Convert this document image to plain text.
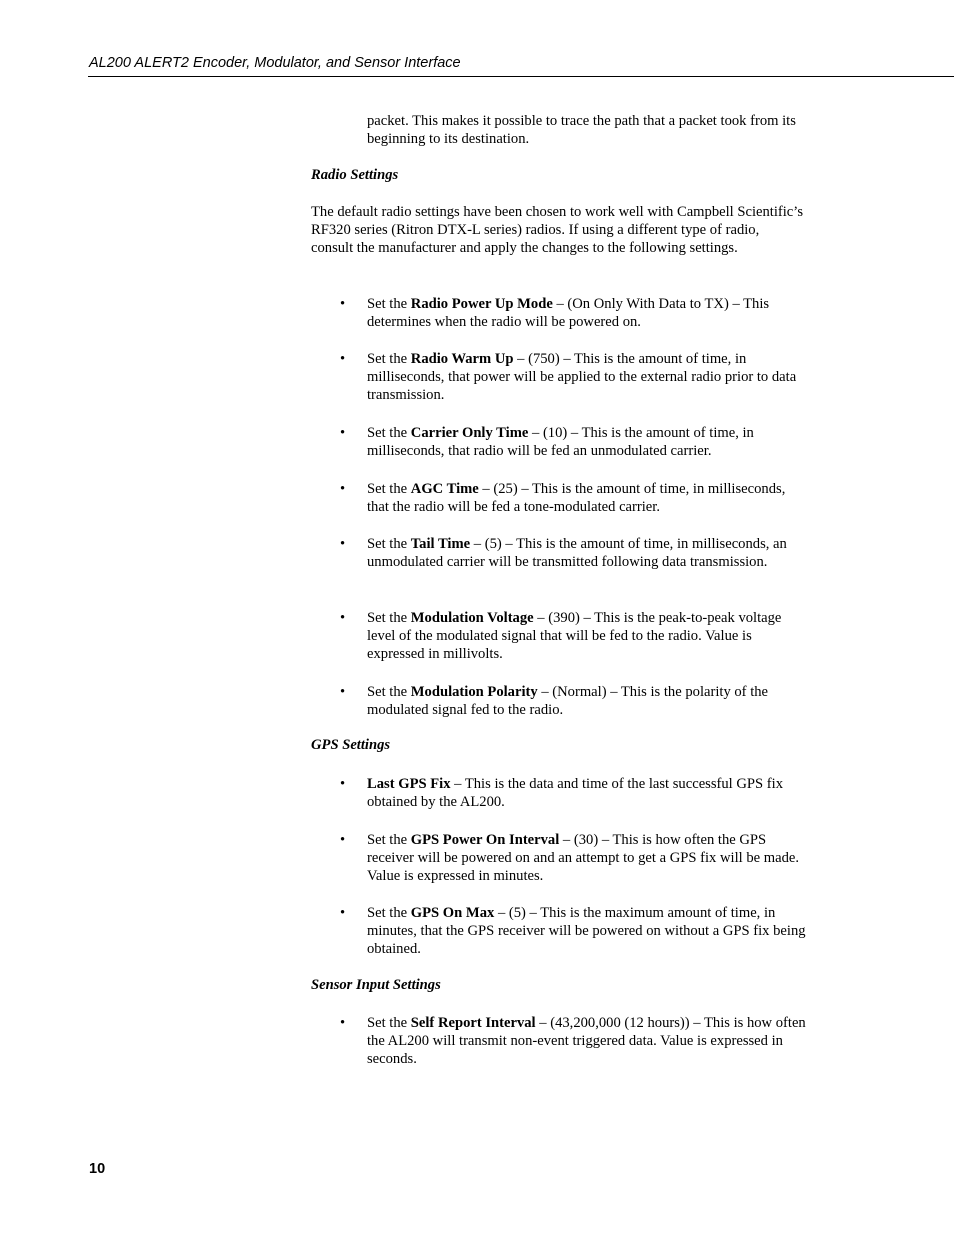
AL200 ALERT2 Encoder, Modulator, and Sensor Interface
packet. This makes it possible to trace the path that a packet took from its beginning to its destination.
Radio Settings
The default radio settings have been chosen to work well with Campbell Scientific’s RF320 series (Ritron DTX-L series) radios. If using a different type of radio, consult the manufacturer and apply the changes to the following settings.
• Set the Radio Power Up Mode – (On Only With Data to TX) – This determines when the radio will be powered on.
• Set the Radio Warm Up – (750) – This is the amount of time, in milliseconds, that power will be applied to the external radio prior to data transmission.
• Set the Carrier Only Time – (10) – This is the amount of time, in milliseconds, that radio will be fed an unmodulated carrier.
• Set the AGC Time – (25) – This is the amount of time, in milliseconds, that the radio will be fed a tone-modulated carrier.
• Set the Tail Time – (5) – This is the amount of time, in milliseconds, an unmodulated carrier will be transmitted following data transmission.
• Set the Modulation Voltage – (390) – This is the peak-to-peak voltage level of the modulated signal that will be fed to the radio. Value is expressed in millivolts.
• Set the Modulation Polarity – (Normal) – This is the polarity of the modulated signal fed to the radio.
GPS Settings
• Last GPS Fix – This is the data and time of the last successful GPS fix obtained by the AL200.
• Set the GPS Power On Interval – (30) – This is how often the GPS receiver will be powered on and an attempt to get a GPS fix will be made. Value is expressed in minutes.
• Set the GPS On Max – (5) – This is the maximum amount of time, in minutes, that the GPS receiver will be powered on without a GPS fix being obtained.
Sensor Input Settings
• Set the Self Report Interval – (43,200,000 (12 hours)) – This is how often the AL200 will transmit non-event triggered data. Value is expressed in seconds.
10
